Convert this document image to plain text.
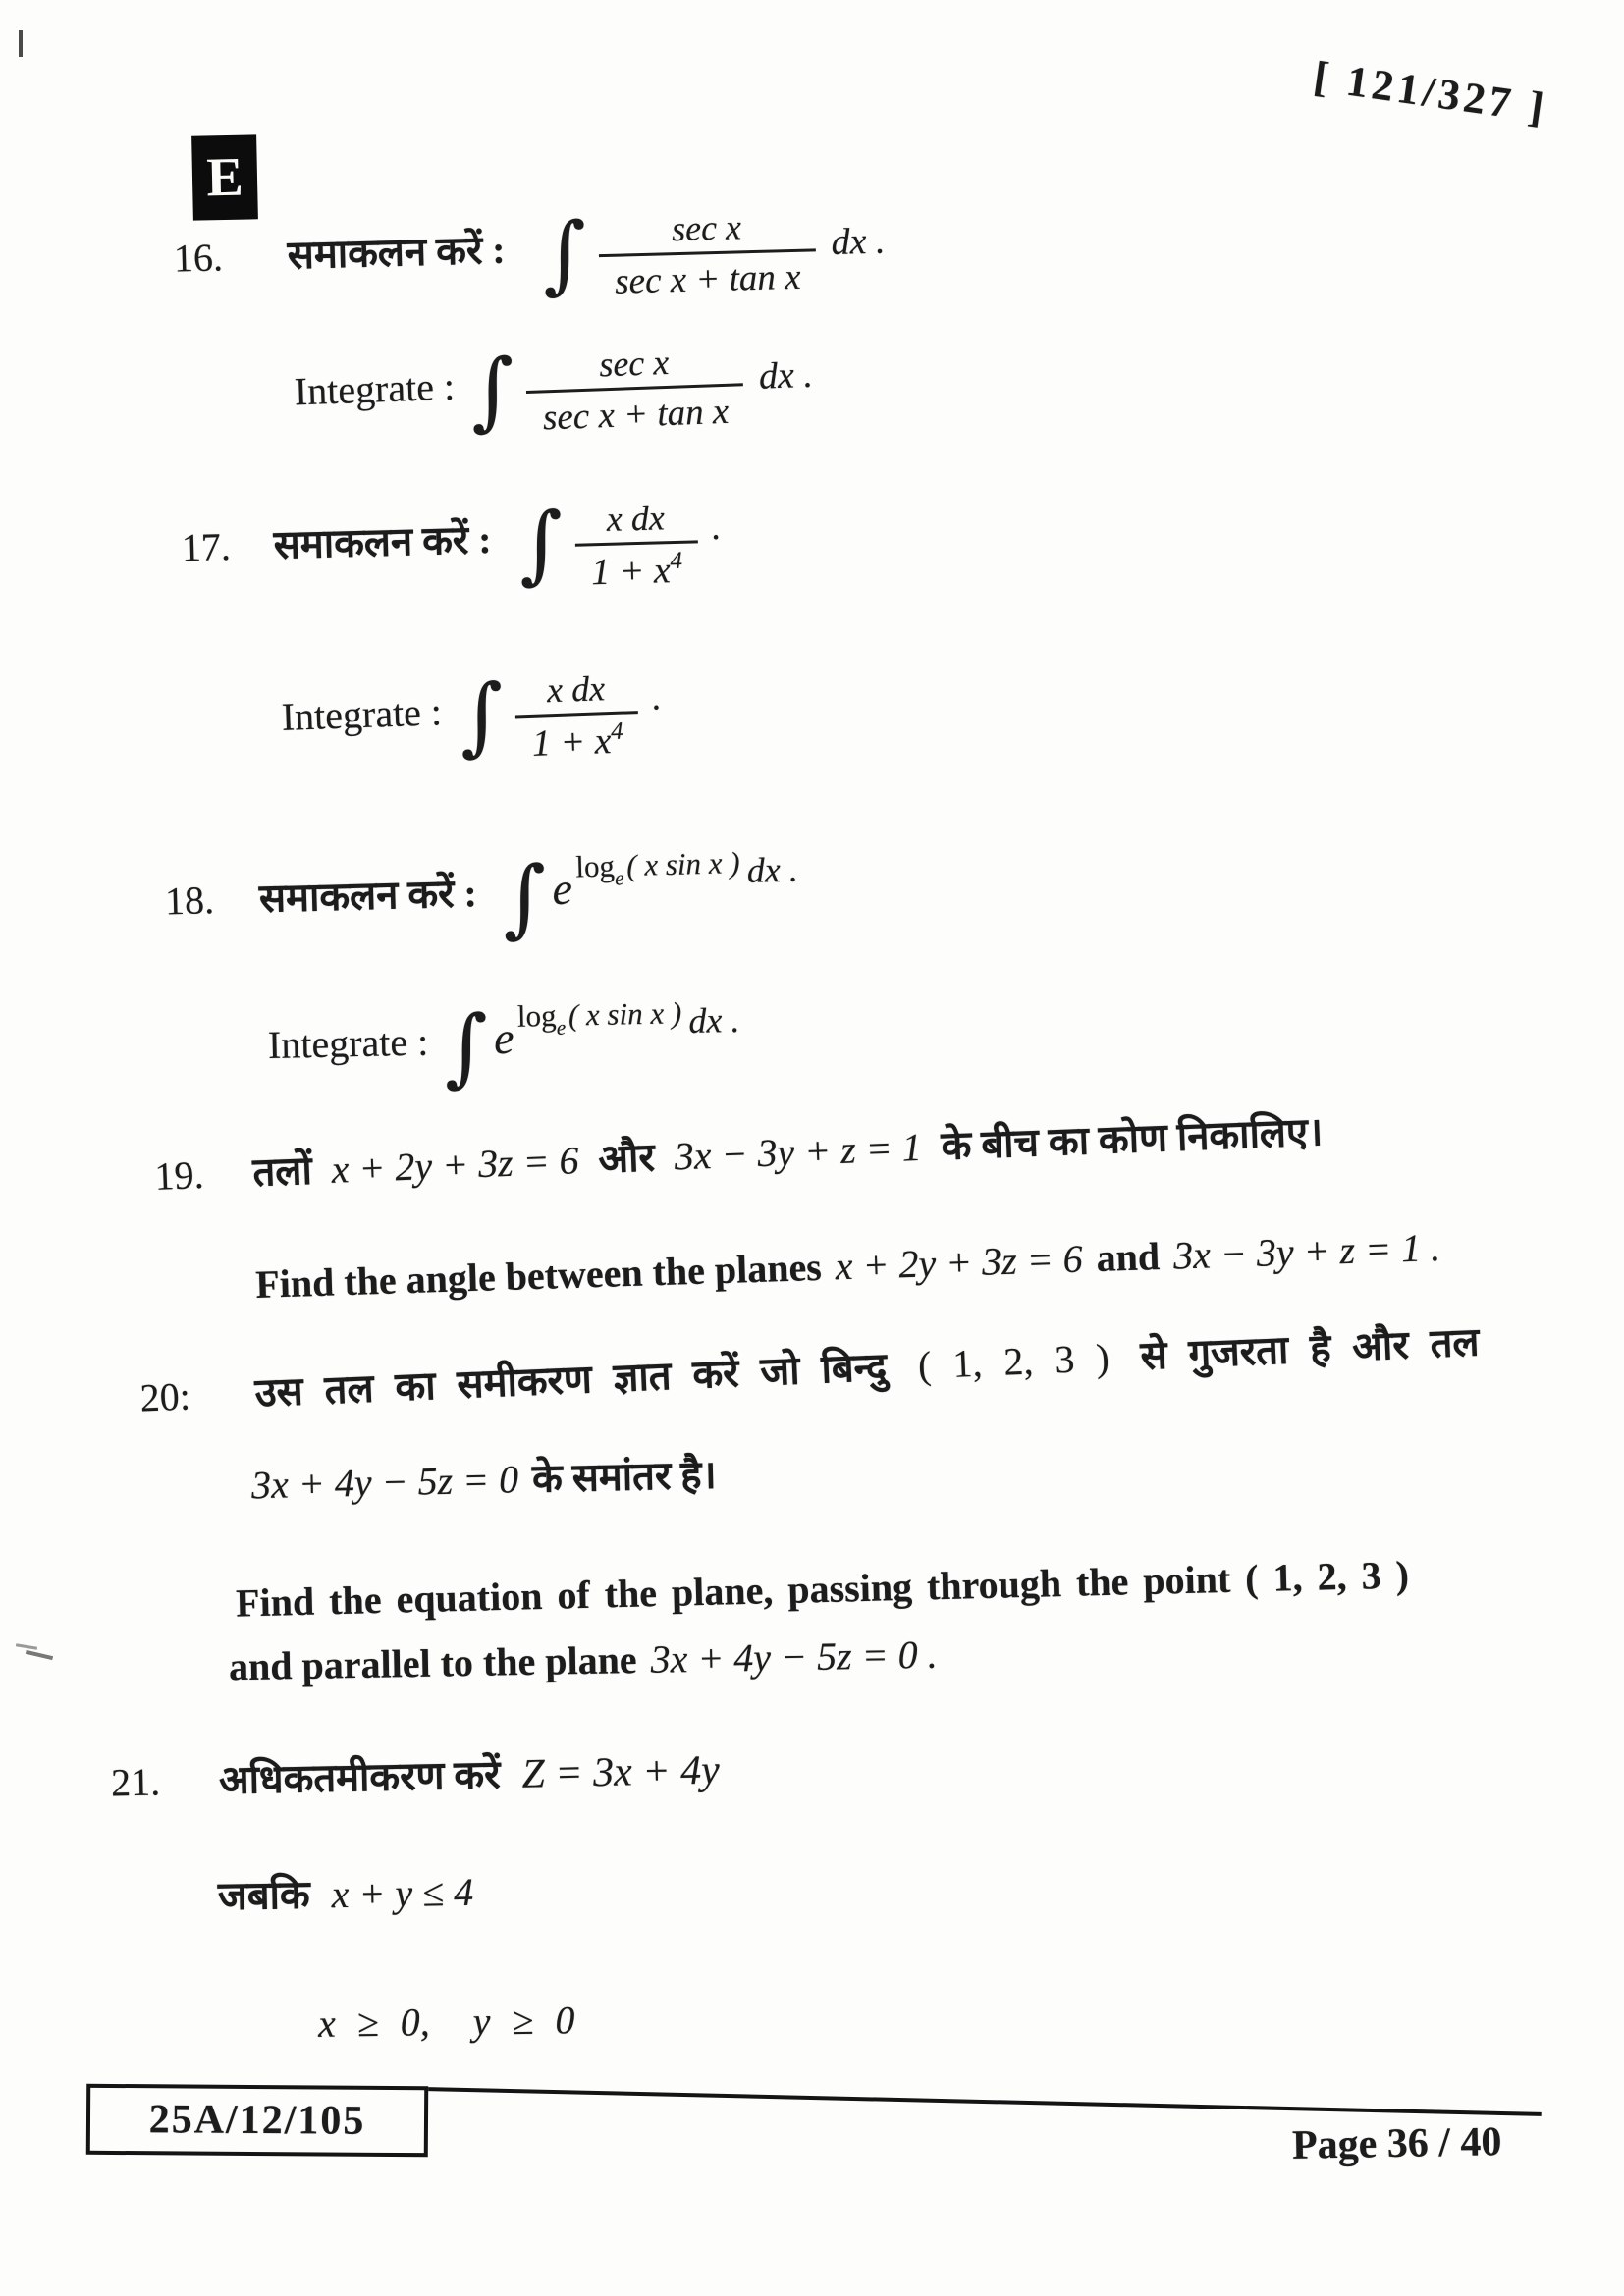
[ 121/327 ]
E
16. समाकलन करें : ∫ $\frac{\text{sec x}}{\text{sec x + tan x}}$ dx .
Integrate : ∫ $\frac{\text{sec x}}{\text{sec x + tan x}}$ dx .
17. समाकलन करें : ∫ $\frac{\text{x dx}}{1 + x^4}$ .
Integrate : ∫ $\frac{\text{x dx}}{1 + x^4}$ .
18. समाकलन करें : ∫ e $\log_e$( x sin x ) dx .
Integrate : ∫ e $\log_e$( x sin x ) dx .
19. तलों x + 2y + 3z = 6 और 3x − 3y + z = 1 के बीच का कोण निकालिए।
Find the angle between the planes x + 2y + 3z = 6 and 3x − 3y + z = 1 .
20: उस तल का समीकरण ज्ञात करें जो बिन्दु ( 1, 2, 3 ) से गुजरता है और तल
3x + 4y − 5z = 0 के समांतर है।
Find the equation of the plane, passing through the point ( 1, 2, 3 )
and parallel to the plane 3x + 4y − 5z = 0 .
21. अधिकतमीकरण करें Z = 3x + 4y
जबकि x + y ≤ 4
x ≥ 0,  y ≥ 0
25A/12/105	Page 36 / 40
